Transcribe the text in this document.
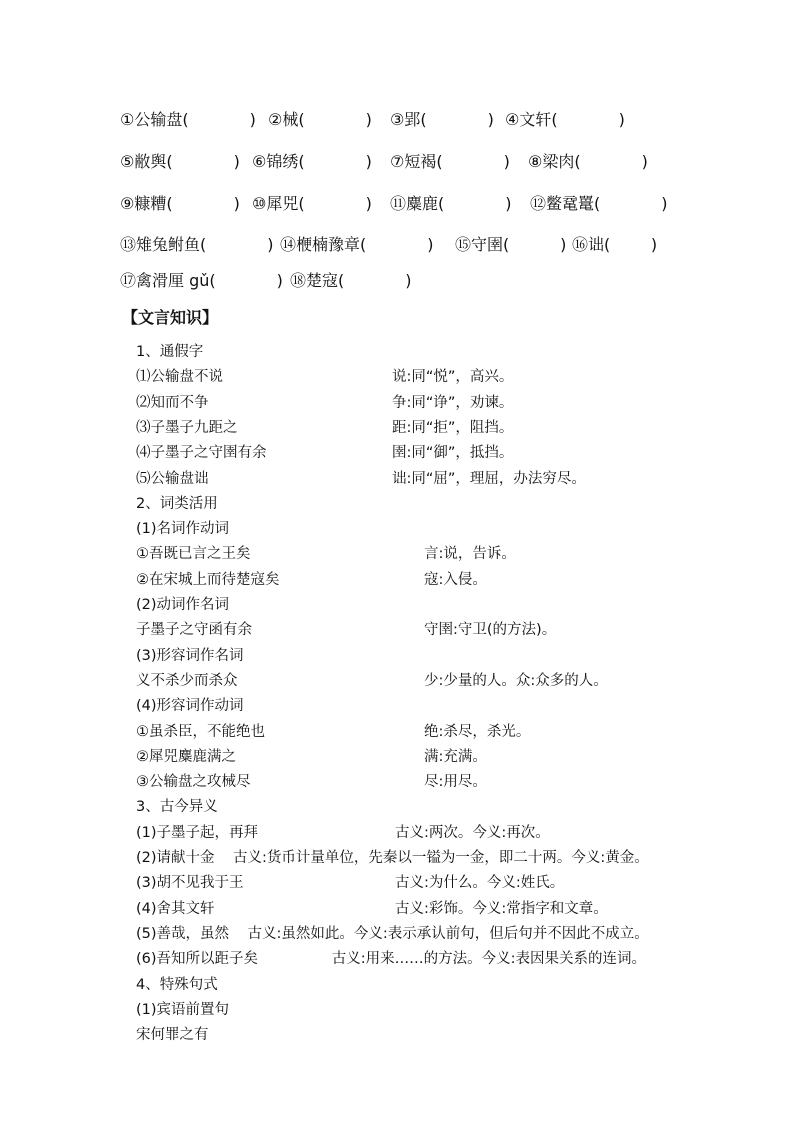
①公输盘(            ) ②械(            ) ③郢(            ) ④文轩(            )
⑤敝舆(            ) ⑥锦绣(            ) ⑦短褐(            ) ⑧梁肉(            )
⑨糠糟(            ) ⑩犀兕(            ) ⑪麋鹿(            ) ⑫鳖鼋鼍(            )
⑬雉兔鲋鱼(            ) ⑭楩楠豫章(            ) ⑮守圉(          ) ⑯诎(        )
⑰禽滑厘 gǔ(            ) ⑱楚寇(            )
【文言知识】
1、通假字
⑴公输盘不说	说:同“悦”，高兴。
⑵知而不争	争:同“诤”，劝谏。
⑶子墨子九距之	距:同“拒”，阻挡。
⑷子墨子之守圉有余	圉:同“御”，抵挡。
⑸公输盘诎	诎:同“屈”，理屈，办法穷尽。
2、词类活用
(1)名词作动词
①吾既已言之王矣	言:说，告诉。
②在宋城上而待楚寇矣	寇:入侵。
(2)动词作名词
子墨子之守函有余	守圉:守卫(的方法)。
(3)形容词作名词
义不杀少而杀众	少:少量的人。众:众多的人。
(4)形容词作动词
①虽杀臣，不能绝也	绝:杀尽，杀光。
②犀兕麋鹿满之	满:充满。
③公输盘之攻械尽	尽:用尽。
3、古今异义
(1)子墨子起，再拜	古义:两次。今义:再次。
(2)请献十金    古义:货币计量单位，先秦以一镒为一金，即二十两。今义:黄金。
(3)胡不见我于王	古义:为什么。今义:姓氏。
(4)舍其文轩	古义:彩饰。今义:常指字和文章。
(5)善哉，虽然    古义:虽然如此。今义:表示承认前句，但后句并不因此不成立。
(6)吾知所以距子矣                古义:用来……的方法。今义:表因果关系的连词。
4、特殊句式
(1)宾语前置句
宋何罪之有
